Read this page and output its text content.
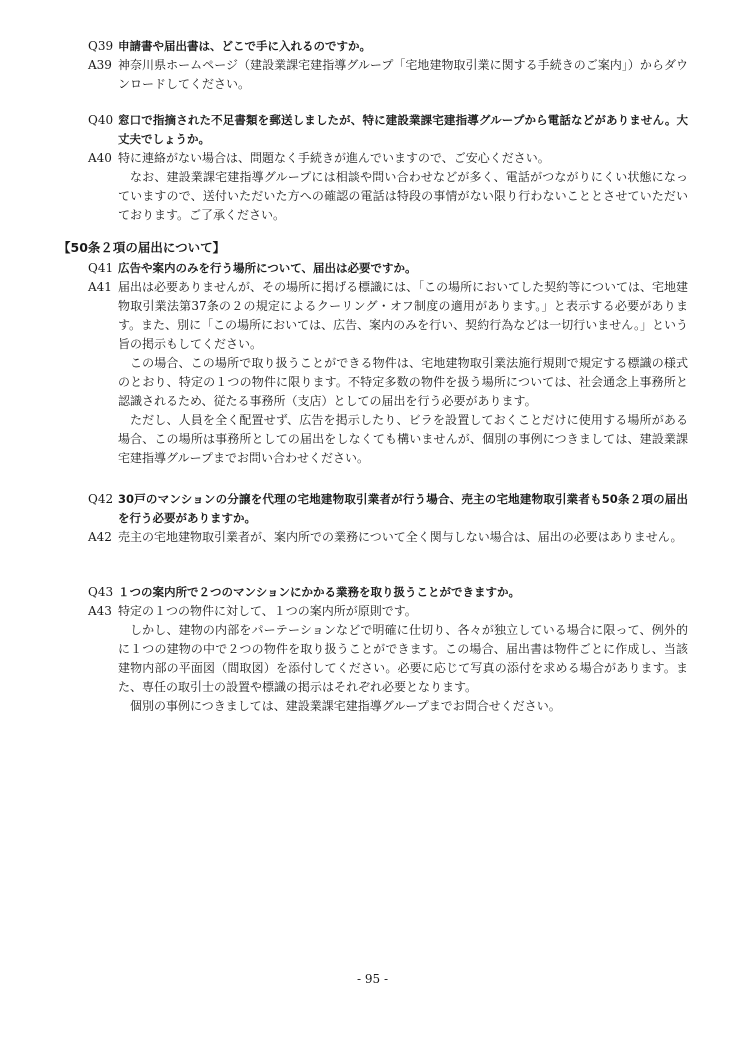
Q39 申請書や届出書は、どこで手に入れるのですか。
A39 神奈川県ホームページ（建設業課宅建指導グループ「宅地建物取引業に関する手続きのご案内」）からダウンロードしてください。

Q40 窓口で指摘された不足書類を郵送しましたが、特に建設業課宅建指導グループから電話などがありません。大丈夫でしょうか。
A40 特に連絡がない場合は、問題なく手続きが進んでいますので、ご安心ください。

なお、建設業課宅建指導グループには相談や問い合わせなどが多く、電話がつながりにくい状態になっていますので、送付いただいた方への確認の電話は特段の事情がない限り行わないこととさせていただいております。ご了承ください。

【50条２項の届出について】
Q41 広告や案内のみを行う場所について、届出は必要ですか。
A41 届出は必要ありませんが、その場所に掲げる標識には、「この場所においてした契約等については、宅地建物取引業法第37条の２の規定によるクーリング・オフ制度の適用があります。」と表示する必要があります。また、別に「この場所においては、広告、案内のみを行い、契約行為などは一切行いません。」という旨の掲示もしてください。

この場合、この場所で取り扱うことができる物件は、宅地建物取引業法施行規則で規定する標識の様式のとおり、特定の１つの物件に限ります。不特定多数の物件を扱う場所については、社会通念上事務所と認識されるため、従たる事務所（支店）としての届出を行う必要があります。

ただし、人員を全く配置せず、広告を掲示したり、ビラを設置しておくことだけに使用する場所がある場合、この場所は事務所としての届出をしなくても構いませんが、個別の事例につきましては、建設業課宅建指導グループまでお問い合わせください。

Q42 30戸のマンションの分譲を代理の宅地建物取引業者が行う場合、売主の宅地建物取引業者も50条２項の届出を行う必要がありますか。
A42 売主の宅地建物取引業者が、案内所での業務について全く関与しない場合は、届出の必要はありません。

Q43 １つの案内所で２つのマンションにかかる業務を取り扱うことができますか。
A43 特定の１つの物件に対して、１つの案内所が原則です。

しかし、建物の内部をパーテーションなどで明確に仕切り、各々が独立している場合に限って、例外的に１つの建物の中で２つの物件を取り扱うことができます。この場合、届出書は物件ごとに作成し、当該建物内部の平面図（間取図）を添付してください。必要に応じて写真の添付を求める場合があります。また、専任の取引士の設置や標識の掲示はそれぞれ必要となります。

個別の事例につきましては、建設業課宅建指導グループまでお問合せください。

- 95 -
